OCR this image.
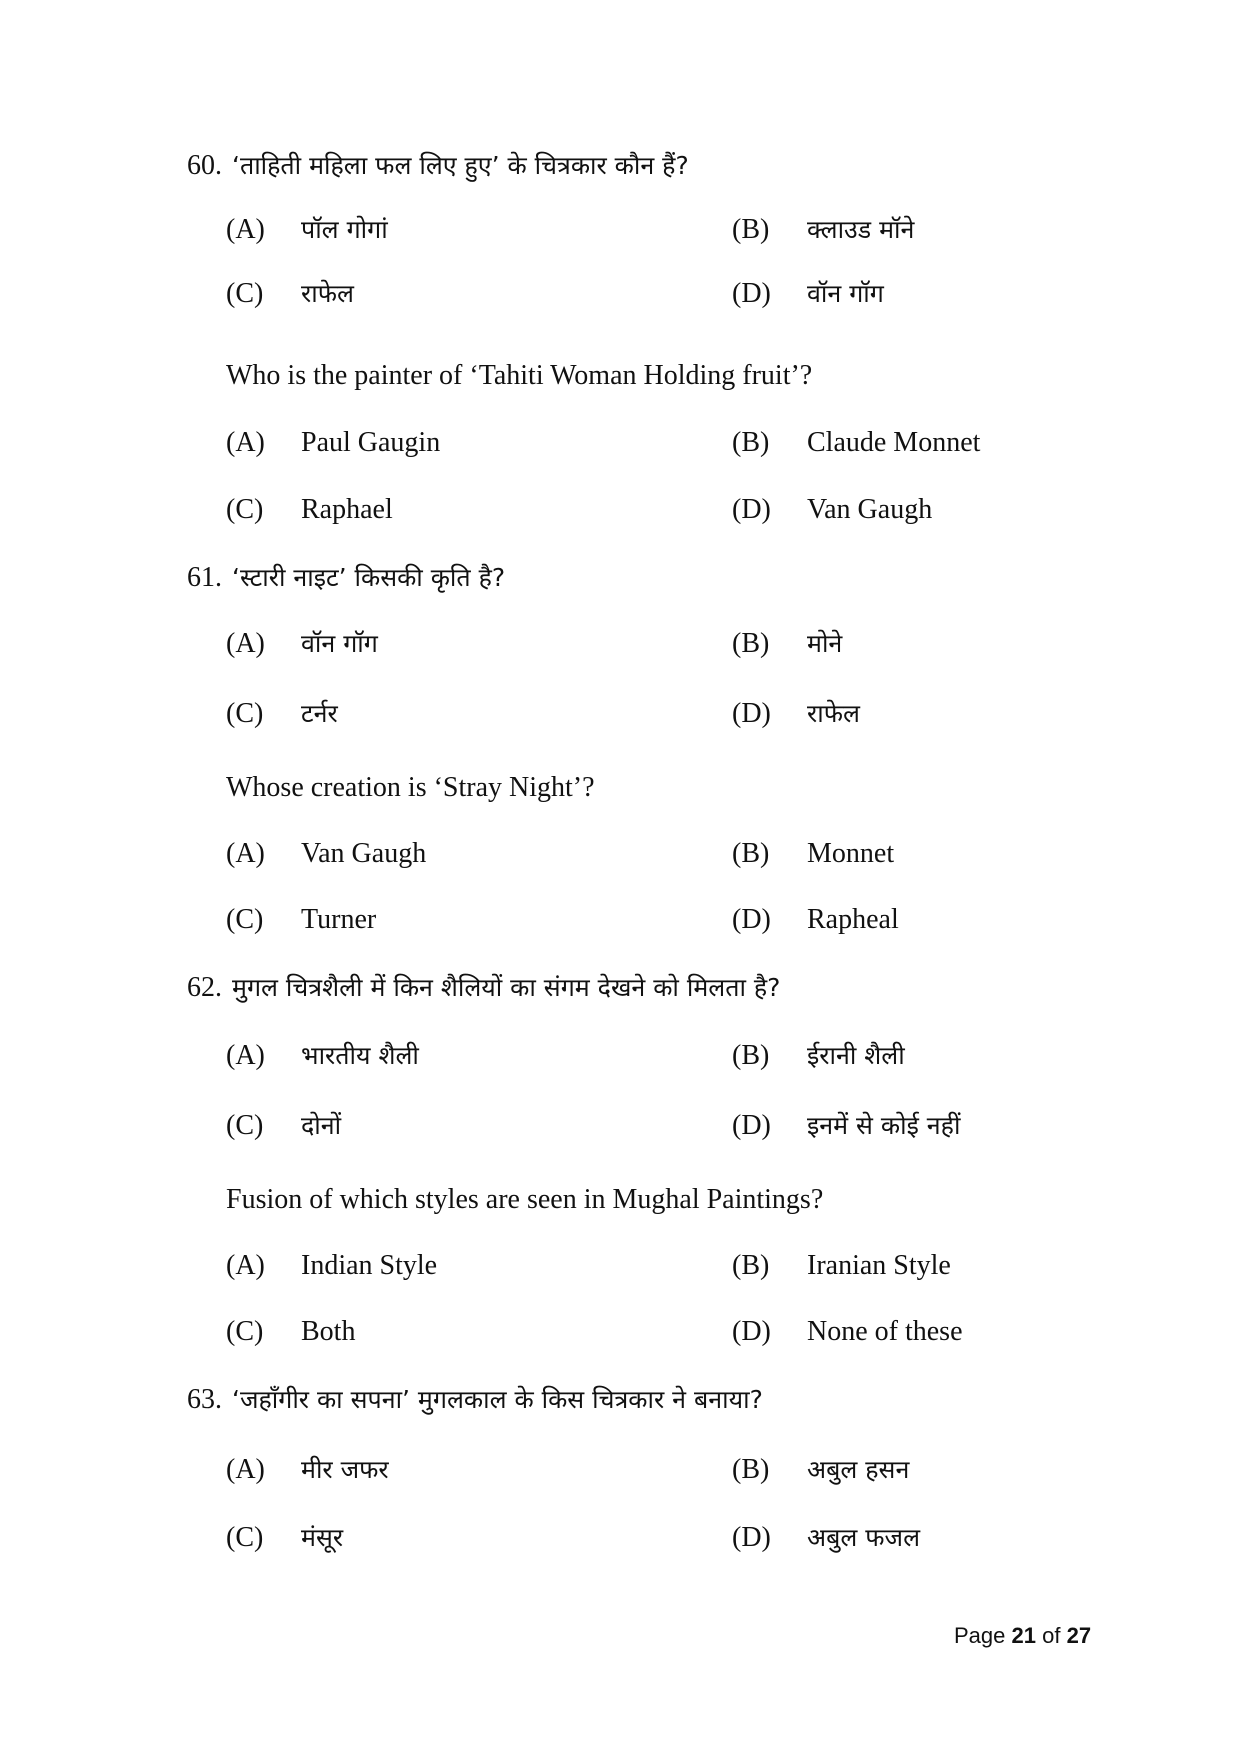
60. ‘ताहिती महिला फल लिए हुए’ के चित्रकार कौन हैं?
(A) पॉल गोगां	(B) क्लाउड मॉने
(C) राफेल	(D) वॉन गॉग
Who is the painter of ‘Tahiti Woman Holding fruit’?
(A) Paul Gaugin	(B) Claude Monnet
(C) Raphael	(D) Van Gaugh
61. ‘स्टारी नाइट’ किसकी कृति है?
(A) वॉन गॉग	(B) मोने
(C) टर्नर	(D) राफेल
Whose creation is ‘Stray Night’?
(A) Van Gaugh	(B) Monnet
(C) Turner	(D) Rapheal
62. मुगल चित्रशैली में किन शैलियों का संगम देखने को मिलता है?
(A) भारतीय शैली	(B) ईरानी शैली
(C) दोनों	(D) इनमें से कोई नहीं
Fusion of which styles are seen in Mughal Paintings?
(A) Indian Style	(B) Iranian Style
(C) Both	(D) None of these
63. ‘जहाँगीर का सपना’ मुगलकाल के किस चित्रकार ने बनाया?
(A) मीर जफर	(B) अबुल हसन
(C) मंसूर	(D) अबुल फजल
Page 21 of 27
